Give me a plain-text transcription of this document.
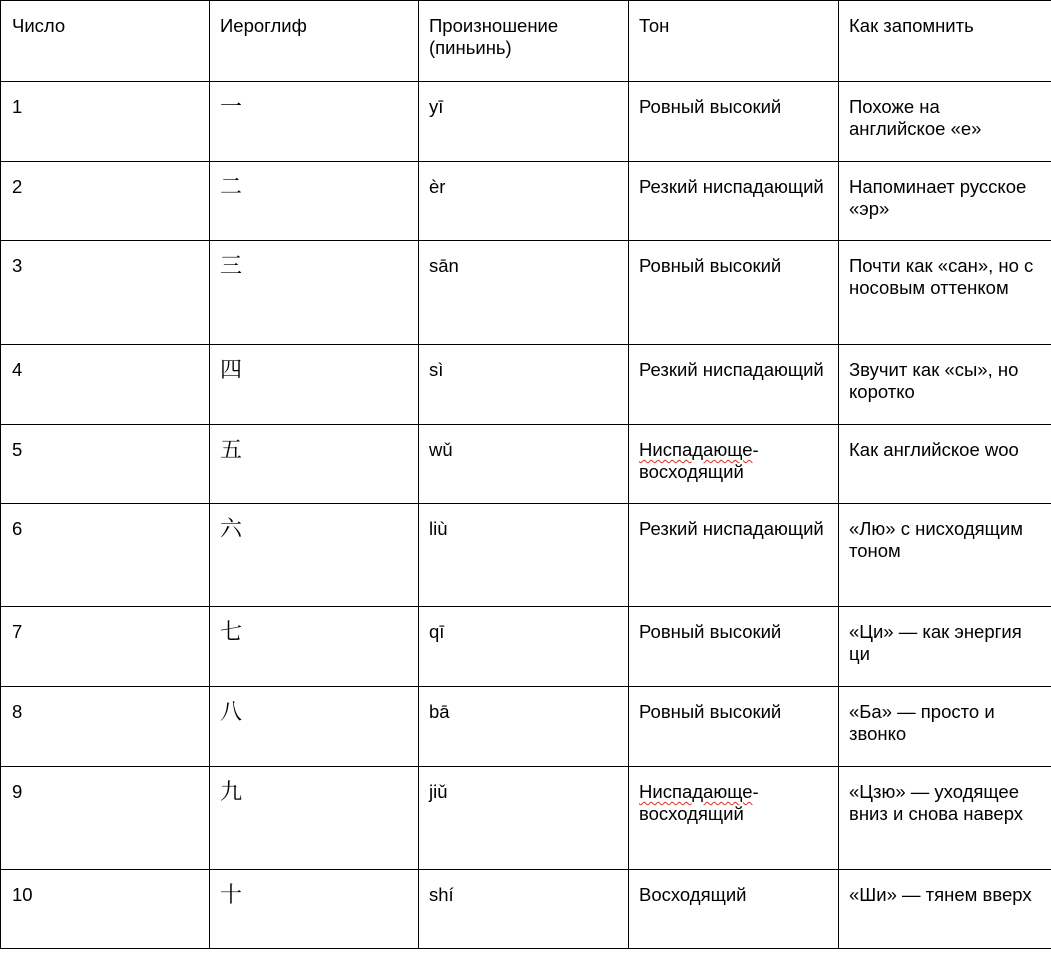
Число	Иероглиф	Произношение (пиньинь)	Тон	Как запомнить
1	一	yī	Ровный высокий	Похоже на английское «e»
2	二	èr	Резкий ниспадающий	Напоминает русское «эр»
3	三	sān	Ровный высокий	Почти как «сан», но с носовым оттенком
4	四	sì	Резкий ниспадающий	Звучит как «сы», но коротко
5	五	wǔ	Ниспадающе-восходящий	Как английское woo
6	六	liù	Резкий ниспадающий	«Лю» с нисходящим тоном
7	七	qī	Ровный высокий	«Ци» — как энергия ци
8	八	bā	Ровный высокий	«Ба» — просто и звонко
9	九	jiǔ	Ниспадающе-восходящий	«Цзю» — уходящее вниз и снова наверх
10	十	shí	Восходящий	«Ши» — тянем вверх
